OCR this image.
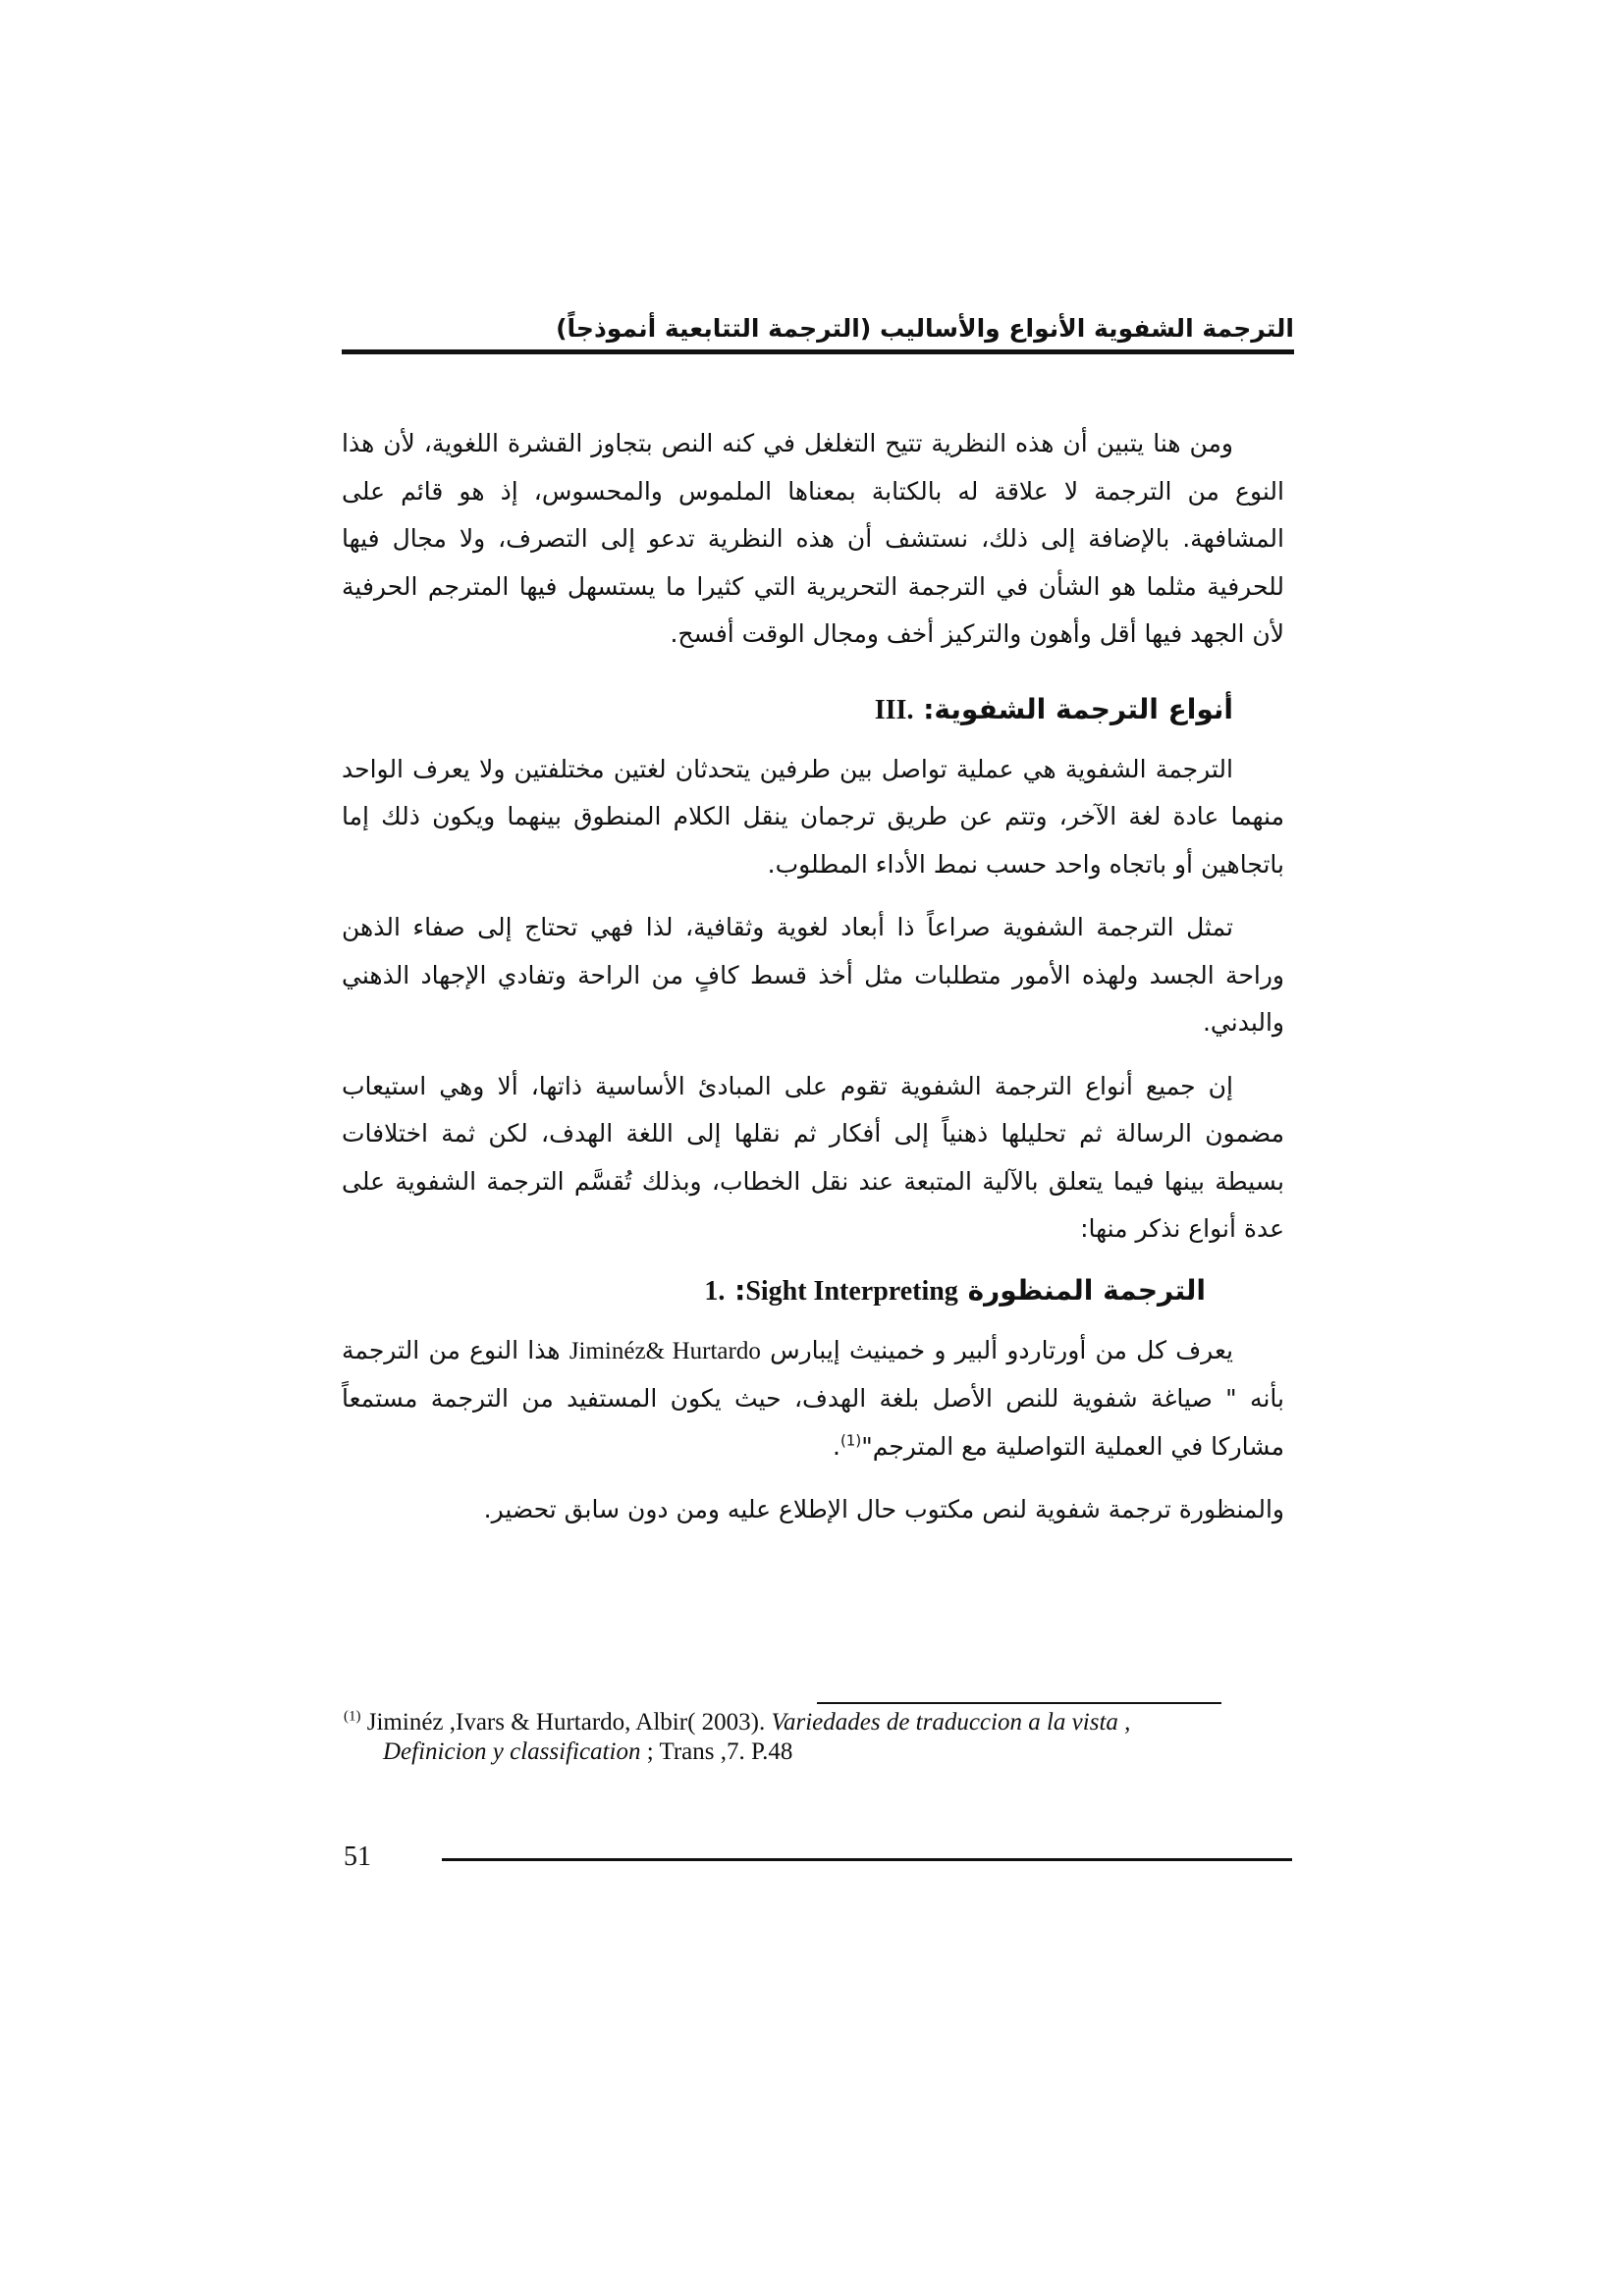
الترجمة الشفوية الأنواع والأساليب (الترجمة التتابعية أنموذجاً)

ومن هنا يتبين أن هذه النظرية تتيح التغلغل في كنه النص بتجاوز القشرة اللغوية، لأن هذا النوع من الترجمة لا علاقة له بالكتابة بمعناها الملموس والمحسوس، إذ هو قائم على المشافهة. بالإضافة إلى ذلك، نستشف أن هذه النظرية تدعو إلى التصرف، ولا مجال فيها للحرفية مثلما هو الشأن في الترجمة التحريرية التي كثيرا ما يستسهل فيها المترجم الحرفية لأن الجهد فيها أقل وأهون والتركيز أخف ومجال الوقت أفسح.

أنواع الترجمة الشفوية: III.

الترجمة الشفوية هي عملية تواصل بين طرفين يتحدثان لغتين مختلفتين ولا يعرف الواحد منهما عادة لغة الآخر، وتتم عن طريق ترجمان ينقل الكلام المنطوق بينهما ويكون ذلك إما باتجاهين أو باتجاه واحد حسب نمط الأداء المطلوب.

تمثل الترجمة الشفوية صراعاً ذا أبعاد لغوية وثقافية، لذا فهي تحتاج إلى صفاء الذهن وراحة الجسد ولهذه الأمور متطلبات مثل أخذ قسط كافٍ من الراحة وتفادي الإجهاد الذهني والبدني.

إن جميع أنواع الترجمة الشفوية تقوم على المبادئ الأساسية ذاتها، ألا وهي استيعاب مضمون الرسالة ثم تحليلها ذهنياً إلى أفكار ثم نقلها إلى اللغة الهدف، لكن ثمة اختلافات بسيطة بينها فيما يتعلق بالآلية المتبعة عند نقل الخطاب، وبذلك تُقسَّم الترجمة الشفوية على عدة أنواع نذكر منها:

الترجمة المنظورة Sight Interpreting: 1.

يعرف كل من أورتاردو ألبير و خمينيث إيبارس Jiminéz& Hurtardo هذا النوع من الترجمة بأنه " صياغة شفوية للنص الأصل بلغة الهدف، حيث يكون المستفيد من الترجمة مستمعاً مشاركا في العملية التواصلية مع المترجم"$^{(1)}$.

والمنظورة ترجمة شفوية لنص مكتوب حال الإطلاع عليه ومن دون سابق تحضير.

$^{(1)}$ Jiminéz ,Ivars & Hurtardo, Albir( 2003). Variedades de traduccion a la vista ,
Definicion y classification ; Trans ,7. P.48
51
